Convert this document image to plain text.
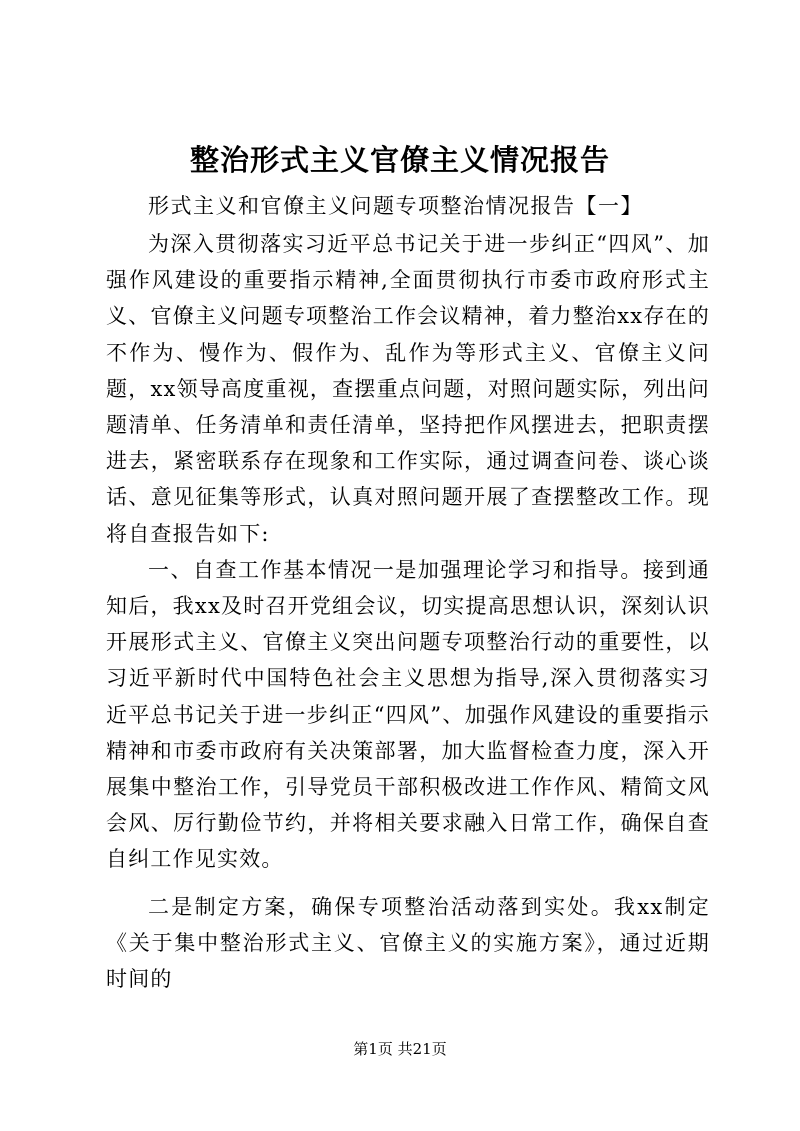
整治形式主义官僚主义情况报告
形式主义和官僚主义问题专项整治情况报告【一】

为深入贯彻落实习近平总书记关于进一步纠正“四风”、加强作风建设的重要指示精神,全面贯彻执行市委市政府形式主义、官僚主义问题专项整治工作会议精神，着力整治xx存在的不作为、慢作为、假作为、乱作为等形式主义、官僚主义问题，xx领导高度重视，查摆重点问题，对照问题实际，列出问题清单、任务清单和责任清单，坚持把作风摆进去，把职责摆进去，紧密联系存在现象和工作实际，通过调查问卷、谈心谈话、意见征集等形式，认真对照问题开展了查摆整改工作。现将自查报告如下:

一、自查工作基本情况一是加强理论学习和指导。接到通知后，我xx及时召开党组会议，切实提高思想认识，深刻认识开展形式主义、官僚主义突出问题专项整治行动的重要性，以习近平新时代中国特色社会主义思想为指导,深入贯彻落实习近平总书记关于进一步纠正“四风”、加强作风建设的重要指示精神和市委市政府有关决策部署，加大监督检查力度，深入开展集中整治工作，引导党员干部积极改进工作作风、精简文风会风、厉行勤俭节约，并将相关要求融入日常工作，确保自查自纠工作见实效。

二是制定方案，确保专项整治活动落到实处。我xx制定《关于集中整治形式主义、官僚主义的实施方案》，通过近期时间的

第1页 共21页
